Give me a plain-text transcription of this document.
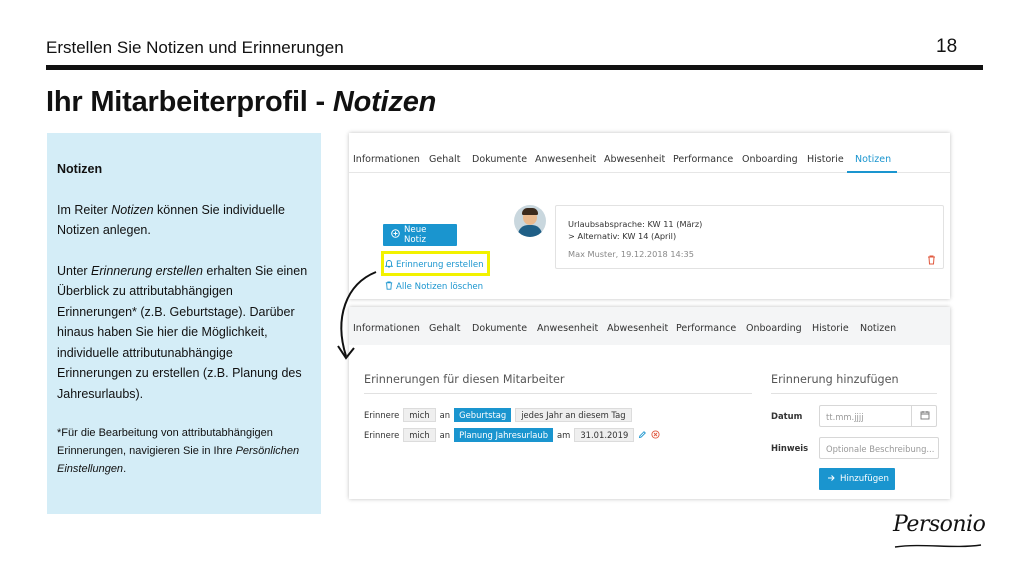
Erstellen Sie Notizen und Erinnerungen	18
Ihr Mitarbeiterprofil - Notizen
Notizen

Im Reiter Notizen können Sie individuelle Notizen anlegen.

Unter Erinnerung erstellen erhalten Sie einen Überblick zu attributabhängigen Erinnerungen* (z.B. Geburtstage). Darüber hinaus haben Sie hier die Möglichkeit, individuelle attributunabhängige Erinnerungen zu erstellen (z.B. Planung des Jahresurlaubs).

*Für die Bearbeitung von attributabhängigen Erinnerungen, navigieren Sie in Ihre Persönlichen Einstellungen.

Informationen Gehalt Dokumente Anwesenheit Abwesenheit Performance Onboarding Historie Notizen
Urlaubsabsprache: KW 11 (März)
> Alternativ: KW 14 (April)
Max Muster, 19.12.2018 14:35
Neue Notiz
Erinnerung erstellen
Alle Notizen löschen
Informationen Gehalt Dokumente Anwesenheit Abwesenheit Performance Onboarding Historie Notizen
Erinnerungen für diesen Mitarbeiter
Erinnere	mich	an	Geburtstag	jedes Jahr an diesem Tag
Erinnere	mich	an	Planung Jahresurlaub	am	31.01.2019
Erinnerung hinzufügen
Datum	tt.mm.jjjj
Hinweis	Optionale Beschreibung...
Hinzufügen
Personio
